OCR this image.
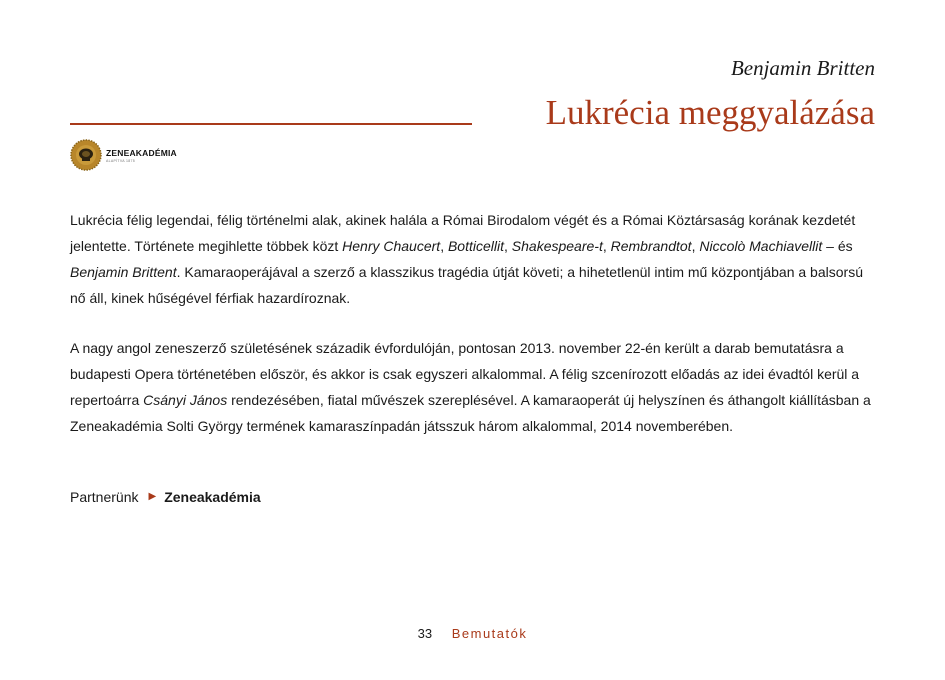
Benjamin Britten
Lukrécia meggyalázása
ZENEAKADÉMIA
ALAPÍTVA 1875

Lukrécia félig legendai, félig történelmi alak, akinek halála a Római Birodalom végét és a Római Köztársaság korának kezdetét jelentette. Története megihlette többek közt Henry Chaucert, Botticellit, Shakespeare-t, Rembrandtot, Niccolò Machiavellit – és Benjamin Brittent. Kamaraoperájával a szerző a klasszikus tragédia útját követi; a hihetetlenül intim mű központjában a balsorsú nő áll, kinek hűségével férfiak hazardíroznak.

A nagy angol zeneszerző születésének századik évfordulóján, pontosan 2013. november 22-én került a darab bemutatásra a budapesti Opera történetében először, és akkor is csak egyszeri alkalommal. A félig szcenírozott előadás az idei évadtól kerül a repertoárra Csányi János rendezésében, fiatal művészek szereplésével. A kamaraoperát új helyszínen és áthangolt kiállításban a Zeneakadémia Solti György termének kamaraszínpadán játsszuk három alkalommal, 2014 novemberében.

Partnerünk ▶ Zeneakadémia
33 Bemutatók
